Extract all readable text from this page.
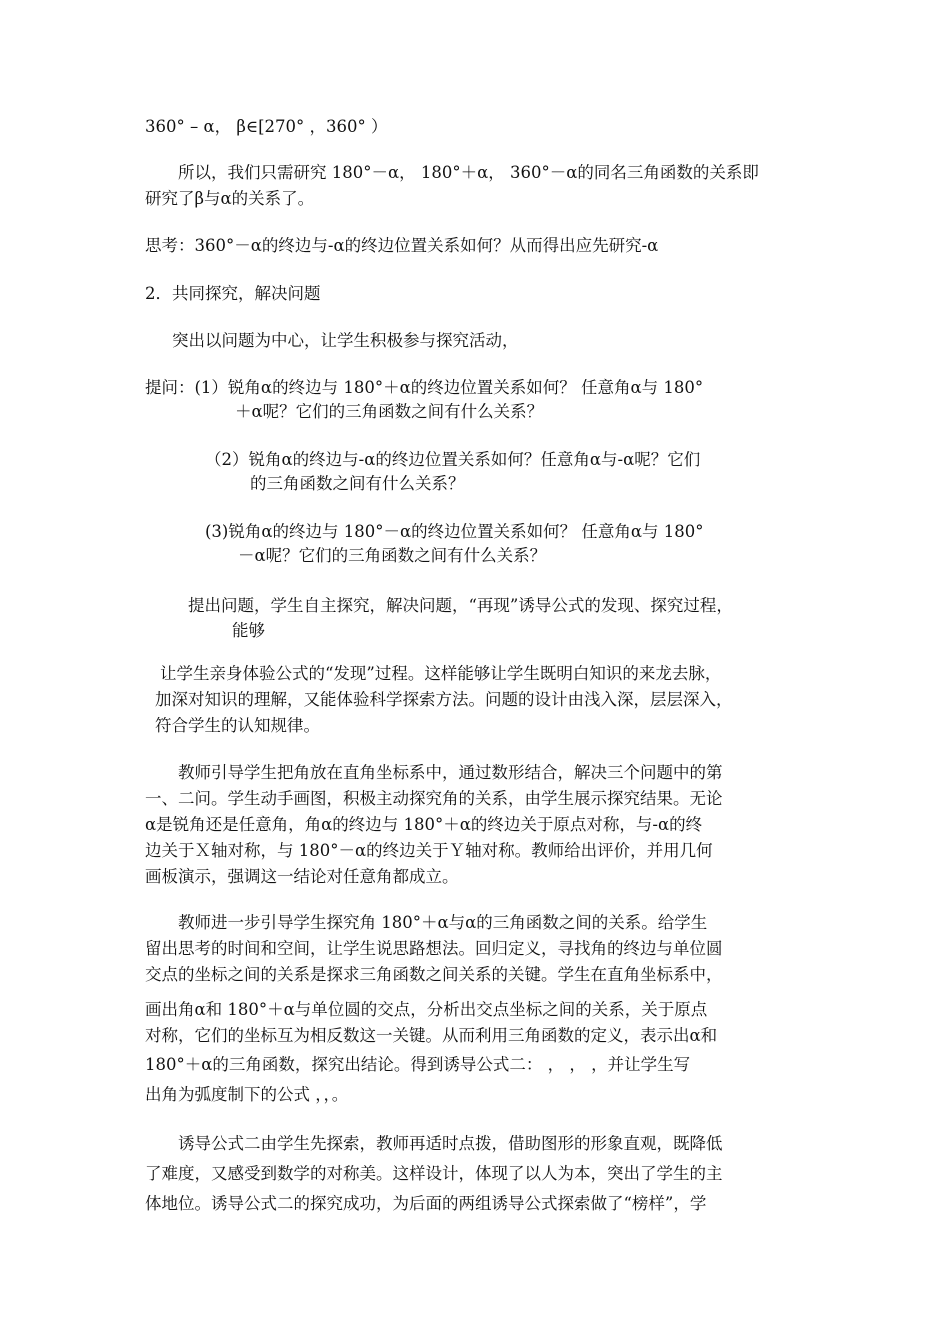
360° – α， β∈[270° ，360° ）

所以，我们只需研究 180°－α， 180°＋α， 360°－α的同名三角函数的关系即

研究了β与α的关系了。

思考：360°－α的终边与-α的终边位置关系如何？从而得出应先研究-α

2．共同探究，解决问题

突出以问题为中心，让学生积极参与探究活动，

提问：(1）锐角α的终边与 180°＋α的终边位置关系如何？ 任意角α与 180°

＋α呢？它们的三角函数之间有什么关系？

（2）锐角α的终边与-α的终边位置关系如何？任意角α与-α呢？它们

的三角函数之间有什么关系？

(3)锐角α的终边与 180°－α的终边位置关系如何？ 任意角α与 180°

－α呢？它们的三角函数之间有什么关系？

提出问题，学生自主探究，解决问题，“再现”诱导公式的发现、探究过程，

能够

让学生亲身体验公式的“发现”过程。这样能够让学生既明白知识的来龙去脉，

加深对知识的理解，又能体验科学探索方法。问题的设计由浅入深，层层深入，

符合学生的认知规律。

教师引导学生把角放在直角坐标系中，通过数形结合，解决三个问题中的第

一、二问。学生动手画图，积极主动探究角的关系，由学生展示探究结果。无论

α是锐角还是任意角，角α的终边与 180°＋α的终边关于原点对称，与-α的终

边关于Ｘ轴对称，与 180°－α的终边关于Ｙ轴对称。教师给出评价，并用几何

画板演示，强调这一结论对任意角都成立。

教师进一步引导学生探究角 180°＋α与α的三角函数之间的关系。给学生

留出思考的时间和空间，让学生说思路想法。回归定义，寻找角的终边与单位圆

交点的坐标之间的关系是探求三角函数之间关系的关键。学生在直角坐标系中，

画出角α和 180°＋α与单位圆的交点，分析出交点坐标之间的关系，关于原点

对称，它们的坐标互为相反数这一关键。从而利用三角函数的定义，表示出α和

180°＋α的三角函数，探究出结论。得到诱导公式二： ， ， ，并让学生写

出角为弧度制下的公式 ，，。

诱导公式二由学生先探索，教师再适时点拨，借助图形的形象直观，既降低

了难度，又感受到数学的对称美。这样设计，体现了以人为本，突出了学生的主

体地位。诱导公式二的探究成功，为后面的两组诱导公式探索做了“榜样”，学
